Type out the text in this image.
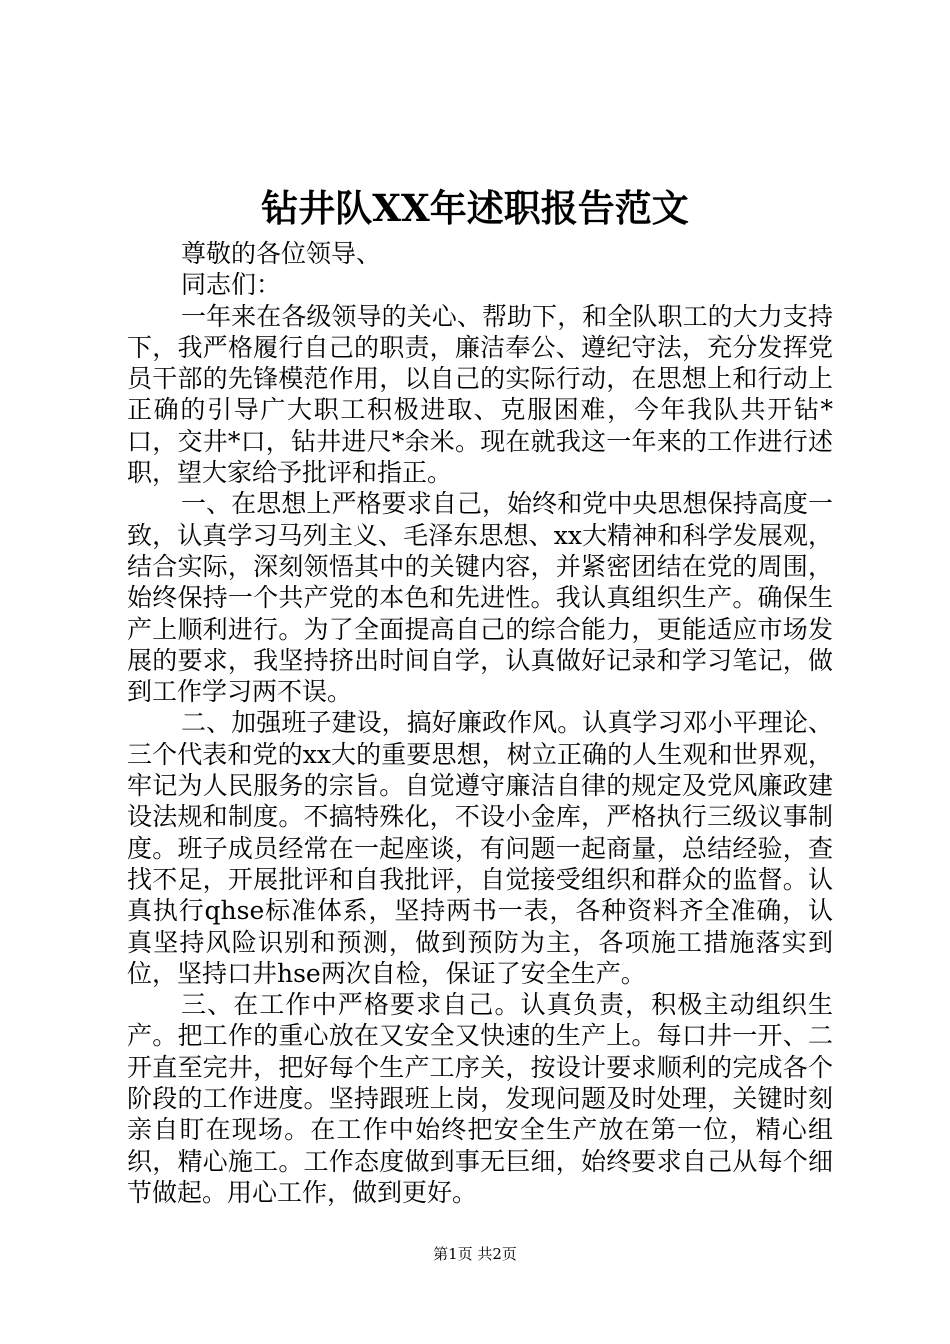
钻井队XX年述职报告范文

尊敬的各位领导、

同志们：

一年来在各级领导的关心、帮助下，和全队职工的大力支持下，我严格履行自己的职责，廉洁奉公、遵纪守法，充分发挥党员干部的先锋模范作用，以自己的实际行动，在思想上和行动上正确的引导广大职工积极进取、克服困难，今年我队共开钻*口，交井*口，钻井进尺*余米。现在就我这一年来的工作进行述职，望大家给予批评和指正。

一、在思想上严格要求自己，始终和党中央思想保持高度一致，认真学习马列主义、毛泽东思想、xx大精神和科学发展观，结合实际，深刻领悟其中的关键内容，并紧密团结在党的周围，始终保持一个共产党的本色和先进性。我认真组织生产。确保生产上顺利进行。为了全面提高自己的综合能力，更能适应市场发展的要求，我坚持挤出时间自学，认真做好记录和学习笔记，做到工作学习两不误。

二、加强班子建设，搞好廉政作风。认真学习邓小平理论、三个代表和党的xx大的重要思想，树立正确的人生观和世界观，牢记为人民服务的宗旨。自觉遵守廉洁自律的规定及党风廉政建设法规和制度。不搞特殊化，不设小金库，严格执行三级议事制度。班子成员经常在一起座谈，有问题一起商量，总结经验，查找不足，开展批评和自我批评，自觉接受组织和群众的监督。认真执行qhse标准体系，坚持两书一表，各种资料齐全准确，认真坚持风险识别和预测，做到预防为主，各项施工措施落实到位，坚持口井hse两次自检，保证了安全生产。

三、在工作中严格要求自己。认真负责，积极主动组织生产。把工作的重心放在又安全又快速的生产上。每口井一开、二开直至完井，把好每个生产工序关，按设计要求顺利的完成各个阶段的工作进度。坚持跟班上岗，发现问题及时处理，关键时刻亲自盯在现场。在工作中始终把安全生产放在第一位，精心组织，精心施工。工作态度做到事无巨细，始终要求自己从每个细节做起。用心工作，做到更好。

第1页 共2页
